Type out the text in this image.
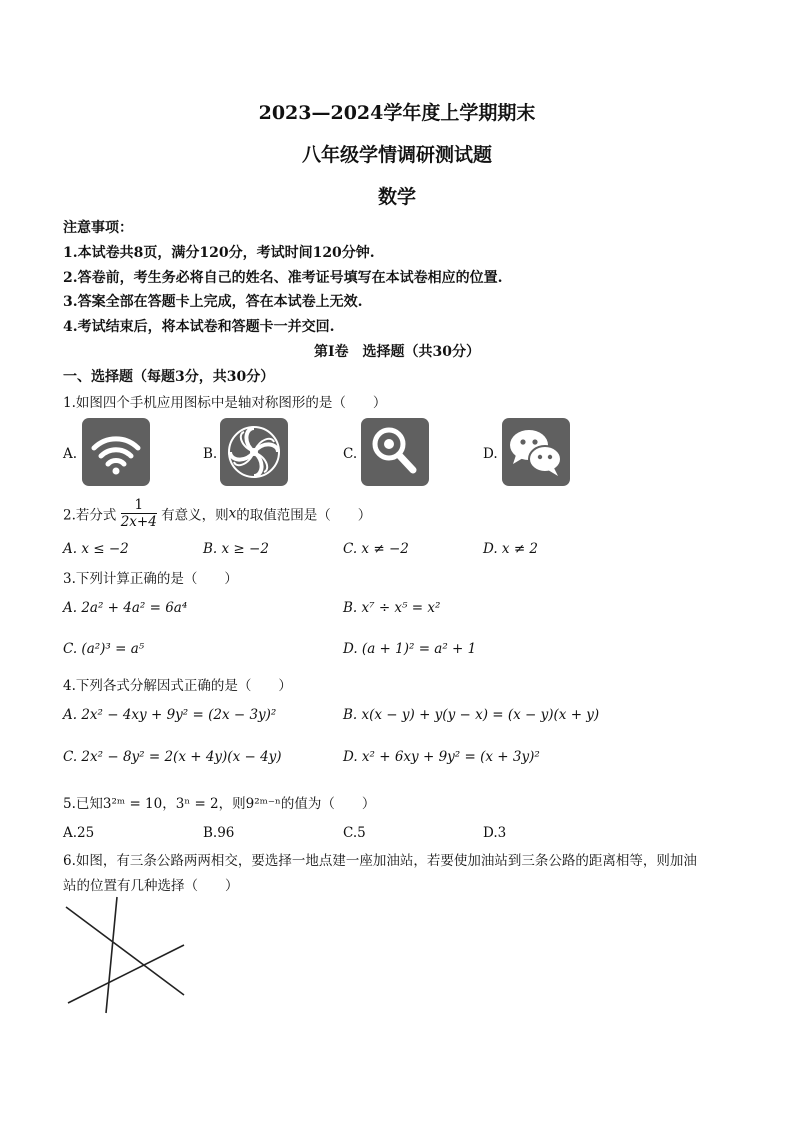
2023—2024学年度上学期期末
八年级学情调研测试题
数学
注意事项：
1.本试卷共8页，满分120分，考试时间120分钟.
2.答卷前，考生务必将自己的姓名、准考证号填写在本试卷相应的位置.
3.答案全部在答题卡上完成，答在本试卷上无效.
4.考试结束后，将本试卷和答题卡一并交回.
第Ⅰ卷　选择题（共30分）
一、选择题（每题3分，共30分）
1.如图四个手机应用图标中是轴对称图形的是（　　）
A.	B.	C.	D.
2.若分式 $\frac{1}{2x+4}$ 有意义，则x的取值范围是（　　）
A. x ≤ −2	B. x ≥ −2	C. x ≠ −2	D. x ≠ 2
3.下列计算正确的是（　　）
A. 2a² + 4a² = 6a⁴	B. x⁷ ÷ x⁵ = x²
C. (a²)³ = a⁵	D. (a + 1)² = a² + 1
4.下列各式分解因式正确的是（　　）
A. 2x² − 4xy + 9y² = (2x − 3y)²	B. x(x − y) + y(y − x) = (x − y)(x + y)
C. 2x² − 8y² = 2(x + 4y)(x − 4y)	D. x² + 6xy + 9y² = (x + 3y)²
5.已知3²ᵐ = 10，3ⁿ = 2，则9²ᵐ⁻ⁿ的值为（　　）
A.25	B.96	C.5	D.3
6.如图，有三条公路两两相交，要选择一地点建一座加油站，若要使加油站到三条公路的距离相等，则加油
站的位置有几种选择（　　）
